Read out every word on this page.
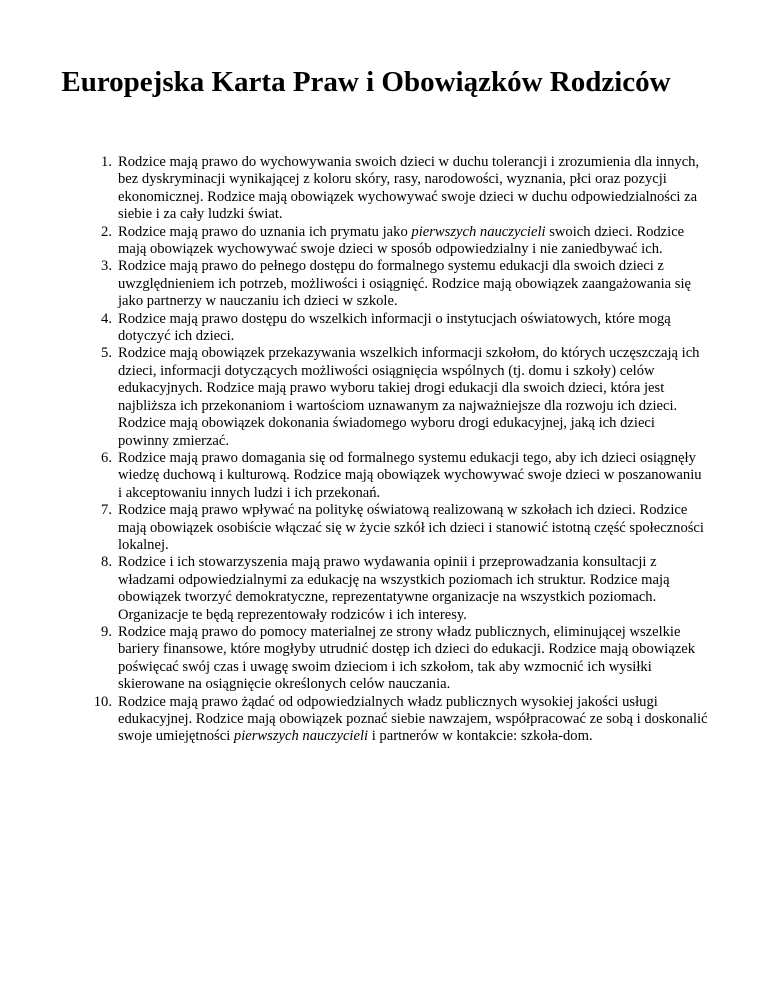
Europejska Karta Praw i Obowiązków Rodziców
1. Rodzice mają prawo do wychowywania swoich dzieci w duchu tolerancji i zrozumienia dla innych, bez dyskryminacji wynikającej z koloru skóry, rasy, narodowości, wyznania, płci oraz pozycji ekonomicznej. Rodzice mają obowiązek wychowywać swoje dzieci w duchu odpowiedzialności za siebie i za cały ludzki świat.
2. Rodzice mają prawo do uznania ich prymatu jako pierwszych nauczycieli swoich dzieci. Rodzice mają obowiązek wychowywać swoje dzieci w sposób odpowiedzialny i nie zaniedbywać ich.
3. Rodzice mają prawo do pełnego dostępu do formalnego systemu edukacji dla swoich dzieci z uwzględnieniem ich potrzeb, możliwości i osiągnięć. Rodzice mają obowiązek zaangażowania się jako partnerzy w nauczaniu ich dzieci w szkole.
4. Rodzice mają prawo dostępu do wszelkich informacji o instytucjach oświatowych, które mogą dotyczyć ich dzieci.
5. Rodzice mają obowiązek przekazywania wszelkich informacji szkołom, do których uczęszczają ich dzieci, informacji dotyczących możliwości osiągnięcia wspólnych (tj. domu i szkoły) celów edukacyjnych. Rodzice mają prawo wyboru takiej drogi edukacji dla swoich dzieci, która jest najbliższa ich przekonaniom i wartościom uznawanym za najważniejsze dla rozwoju ich dzieci. Rodzice mają obowiązek dokonania świadomego wyboru drogi edukacyjnej, jaką ich dzieci powinny zmierzać.
6. Rodzice mają prawo domagania się od formalnego systemu edukacji tego, aby ich dzieci osiągnęły wiedzę duchową i kulturową. Rodzice mają obowiązek wychowywać swoje dzieci w poszanowaniu i akceptowaniu innych ludzi i ich przekonań.
7. Rodzice mają prawo wpływać na politykę oświatową realizowaną w szkołach ich dzieci. Rodzice mają obowiązek osobiście włączać się w życie szkół ich dzieci i stanowić istotną część społeczności lokalnej.
8. Rodzice i ich stowarzyszenia mają prawo wydawania opinii i przeprowadzania konsultacji z władzami odpowiedzialnymi za edukację na wszystkich poziomach ich struktur. Rodzice mają obowiązek tworzyć demokratyczne, reprezentatywne organizacje na wszystkich poziomach. Organizacje te będą reprezentowały rodziców i ich interesy.
9. Rodzice mają prawo do pomocy materialnej ze strony władz publicznych, eliminującej wszelkie bariery finansowe, które mogłyby utrudnić dostęp ich dzieci do edukacji. Rodzice mają obowiązek poświęcać swój czas i uwagę swoim dzieciom i ich szkołom, tak aby wzmocnić ich wysiłki skierowane na osiągnięcie określonych celów nauczania.
10. Rodzice mają prawo żądać od odpowiedzialnych władz publicznych wysokiej jakości usługi edukacyjnej. Rodzice mają obowiązek poznać siebie nawzajem, współpracować ze sobą i doskonalić swoje umiejętności pierwszych nauczycieli i partnerów w kontakcie: szkoła-dom.
